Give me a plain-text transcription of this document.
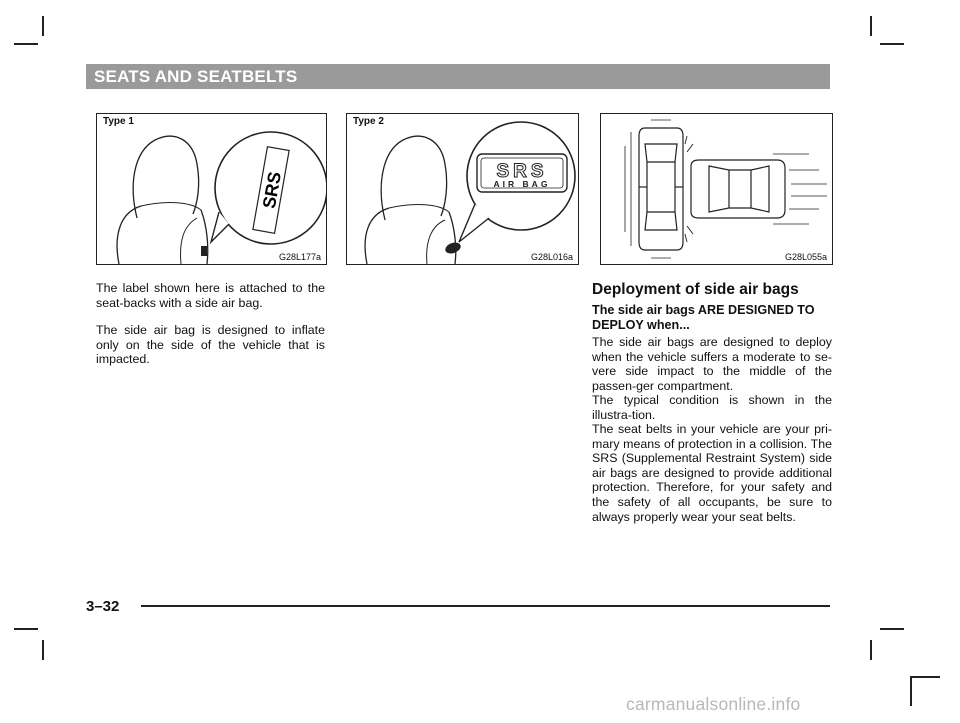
SEATS AND SEATBELTS
SRS
Type 1
G28L177a
SRS
AIR BAG
Type 2
G28L016a	G28L055a

The label shown here is attached to the seat-backs with a side air bag.

The side air bag is designed to inflate only on the side of the vehicle that is impacted.

Deployment of side air bags
The side air bags ARE DESIGNED TO DEPLOY when...

The side air bags are designed to deploy when the vehicle suffers a moderate to se-vere side impact to the middle of the passen-ger compartment.

The typical condition is shown in the illustra-tion.

The seat belts in your vehicle are your pri-mary means of protection in a collision. The SRS (Supplemental Restraint System) side air bags are designed to provide additional protection. Therefore, for your safety and the safety of all occupants, be sure to always properly wear your seat belts.

3–32
carmanualsonline.info
